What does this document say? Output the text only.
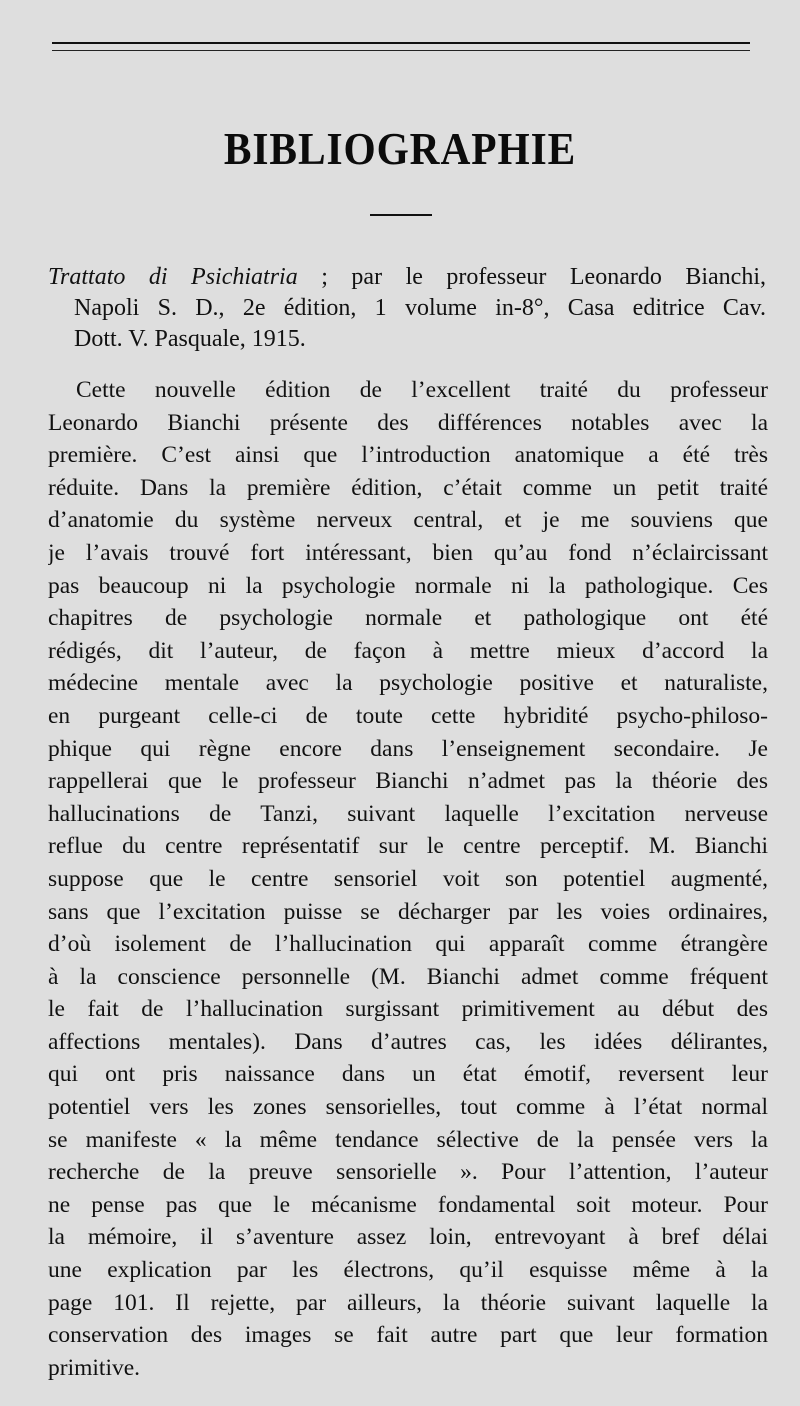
BIBLIOGRAPHIE
Trattato di Psichiatria ; par le professeur Leonardo Bianchi,
Napoli S. D., 2e édition, 1 volume in-8°, Casa editrice Cav.
Dott. V. Pasquale, 1915.
Cette nouvelle édition de l’excellent traité du professeur
Leonardo Bianchi présente des différences notables avec la
première. C’est ainsi que l’introduction anatomique a été très
réduite. Dans la première édition, c’était comme un petit traité
d’anatomie du système nerveux central, et je me souviens que
je l’avais trouvé fort intéressant, bien qu’au fond n’éclaircissant
pas beaucoup ni la psychologie normale ni la pathologique. Ces
chapitres de psychologie normale et pathologique ont été
rédigés, dit l’auteur, de façon à mettre mieux d’accord la
médecine mentale avec la psychologie positive et naturaliste,
en purgeant celle-ci de toute cette hybridité psycho-philoso-
phique qui règne encore dans l’enseignement secondaire. Je
rappellerai que le professeur Bianchi n’admet pas la théorie des
hallucinations de Tanzi, suivant laquelle l’excitation nerveuse
reflue du centre représentatif sur le centre perceptif. M. Bianchi
suppose que le centre sensoriel voit son potentiel augmenté,
sans que l’excitation puisse se décharger par les voies ordinaires,
d’où isolement de l’hallucination qui apparaît comme étrangère
à la conscience personnelle (M. Bianchi admet comme fréquent
le fait de l’hallucination surgissant primitivement au début des
affections mentales). Dans d’autres cas, les idées délirantes,
qui ont pris naissance dans un état émotif, reversent leur
potentiel vers les zones sensorielles, tout comme à l’état normal
se manifeste « la même tendance sélective de la pensée vers la
recherche de la preuve sensorielle ». Pour l’attention, l’auteur
ne pense pas que le mécanisme fondamental soit moteur. Pour
la mémoire, il s’aventure assez loin, entrevoyant à bref délai
une explication par les électrons, qu’il esquisse même à la
page 101. Il rejette, par ailleurs, la théorie suivant laquelle la
conservation des images se fait autre part que leur formation
primitive.
